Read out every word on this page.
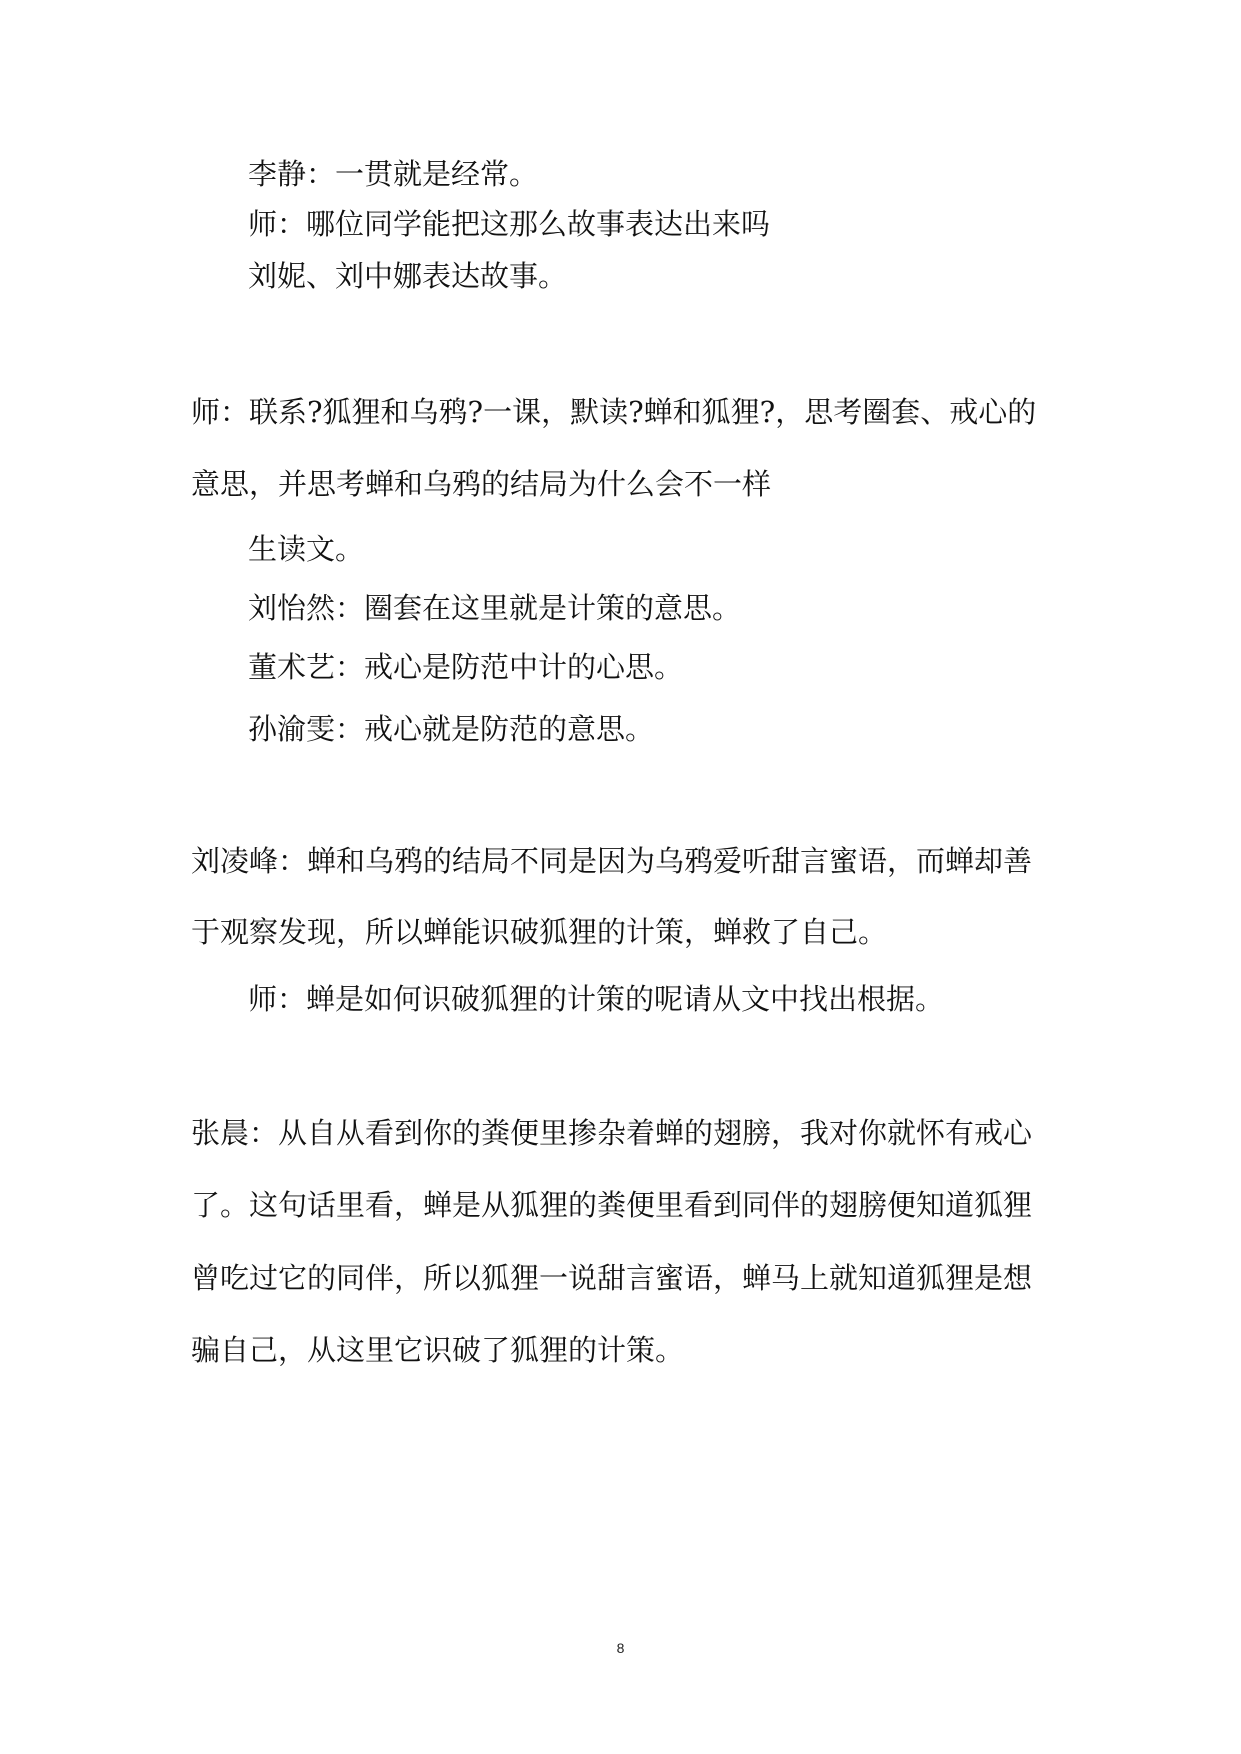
李静：一贯就是经常。

师：哪位同学能把这那么故事表达出来吗

刘妮、刘中娜表达故事。

师：联系?狐狸和乌鸦?一课，默读?蝉和狐狸?，思考圈套、戒心的

意思，并思考蝉和乌鸦的结局为什么会不一样

生读文。

刘怡然：圈套在这里就是计策的意思。

董术艺：戒心是防范中计的心思。

孙渝雯：戒心就是防范的意思。

刘凌峰：蝉和乌鸦的结局不同是因为乌鸦爱听甜言蜜语，而蝉却善

于观察发现，所以蝉能识破狐狸的计策，蝉救了自己。

师：蝉是如何识破狐狸的计策的呢请从文中找出根据。

张晨：从自从看到你的粪便里掺杂着蝉的翅膀，我对你就怀有戒心

了。这句话里看，蝉是从狐狸的粪便里看到同伴的翅膀便知道狐狸

曾吃过它的同伴，所以狐狸一说甜言蜜语，蝉马上就知道狐狸是想

骗自己，从这里它识破了狐狸的计策。

8
